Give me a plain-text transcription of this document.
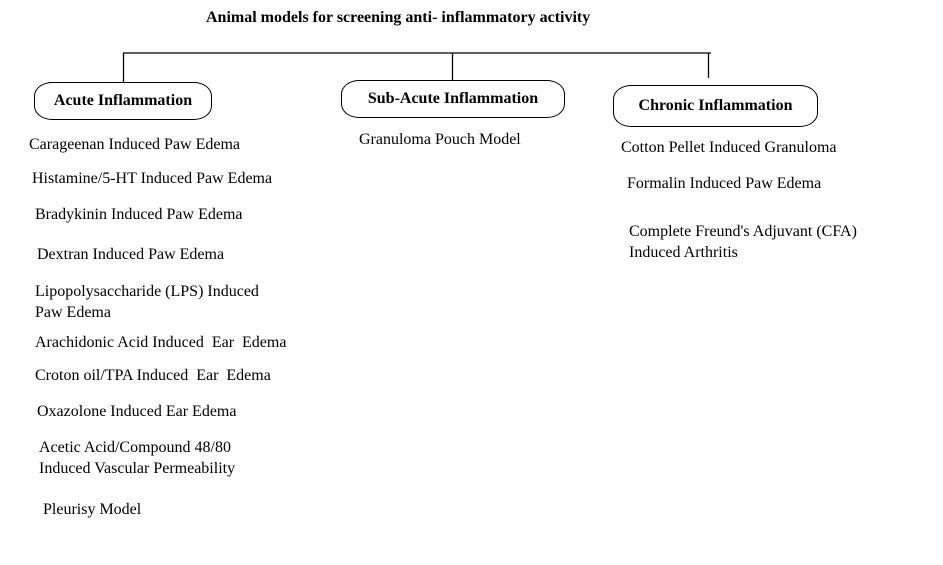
Animal models for screening anti- inflammatory activity
Acute Inflammation	Sub-Acute Inflammation	Chronic Inflammation
Carageenan Induced Paw Edema
Histamine/5-HT Induced Paw Edema
Bradykinin Induced Paw Edema
Dextran Induced Paw Edema
Lipopolysaccharide (LPS) Induced
Paw Edema
Arachidonic Acid Induced  Ear  Edema
Croton oil/TPA Induced  Ear  Edema
Oxazolone Induced Ear Edema
Acetic Acid/Compound 48/80
Induced Vascular Permeability
Pleurisy Model
Granuloma Pouch Model	Cotton Pellet Induced Granuloma
Formalin Induced Paw Edema
Complete Freund's Adjuvant (CFA)
Induced Arthritis
